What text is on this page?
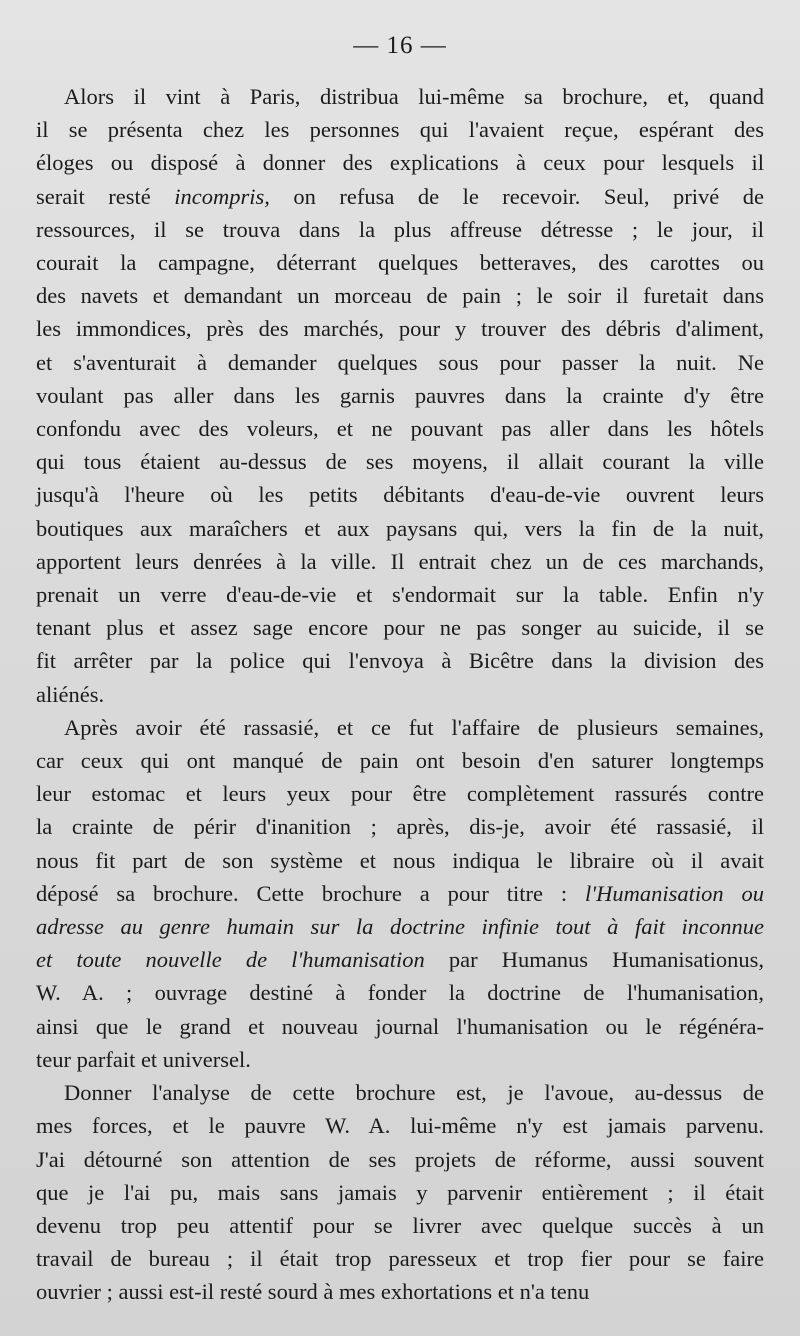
— 16 —
Alors il vint à Paris, distribua lui-même sa brochure, et, quand
il se présenta chez les personnes qui l'avaient reçue, espérant des
éloges ou disposé à donner des explications à ceux pour lesquels il
serait resté incompris, on refusa de le recevoir. Seul, privé de
ressources, il se trouva dans la plus affreuse détresse ; le jour, il
courait la campagne, déterrant quelques betteraves, des carottes ou
des navets et demandant un morceau de pain ; le soir il furetait dans
les immondices, près des marchés, pour y trouver des débris d'aliment,
et s'aventurait à demander quelques sous pour passer la nuit. Ne
voulant pas aller dans les garnis pauvres dans la crainte d'y être
confondu avec des voleurs, et ne pouvant pas aller dans les hôtels
qui tous étaient au-dessus de ses moyens, il allait courant la ville
jusqu'à l'heure où les petits débitants d'eau-de-vie ouvrent leurs
boutiques aux maraîchers et aux paysans qui, vers la fin de la nuit,
apportent leurs denrées à la ville. Il entrait chez un de ces marchands,
prenait un verre d'eau-de-vie et s'endormait sur la table. Enfin n'y
tenant plus et assez sage encore pour ne pas songer au suicide, il se
fit arrêter par la police qui l'envoya à Bicêtre dans la division des
aliénés.
Après avoir été rassasié, et ce fut l'affaire de plusieurs semaines,
car ceux qui ont manqué de pain ont besoin d'en saturer longtemps
leur estomac et leurs yeux pour être complètement rassurés contre
la crainte de périr d'inanition ; après, dis-je, avoir été rassasié, il
nous fit part de son système et nous indiqua le libraire où il avait
déposé sa brochure. Cette brochure a pour titre : l'Humanisation ou
adresse au genre humain sur la doctrine infinie tout à fait inconnue
et toute nouvelle de l'humanisation par Humanus Humanisationus,
W. A. ; ouvrage destiné à fonder la doctrine de l'humanisation,
ainsi que le grand et nouveau journal l'humanisation ou le régénéra-
teur parfait et universel.
Donner l'analyse de cette brochure est, je l'avoue, au-dessus de
mes forces, et le pauvre W. A. lui-même n'y est jamais parvenu.
J'ai détourné son attention de ses projets de réforme, aussi souvent
que je l'ai pu, mais sans jamais y parvenir entièrement ; il était
devenu trop peu attentif pour se livrer avec quelque succès à un
travail de bureau ; il était trop paresseux et trop fier pour se faire
ouvrier ; aussi est-il resté sourd à mes exhortations et n'a tenu
